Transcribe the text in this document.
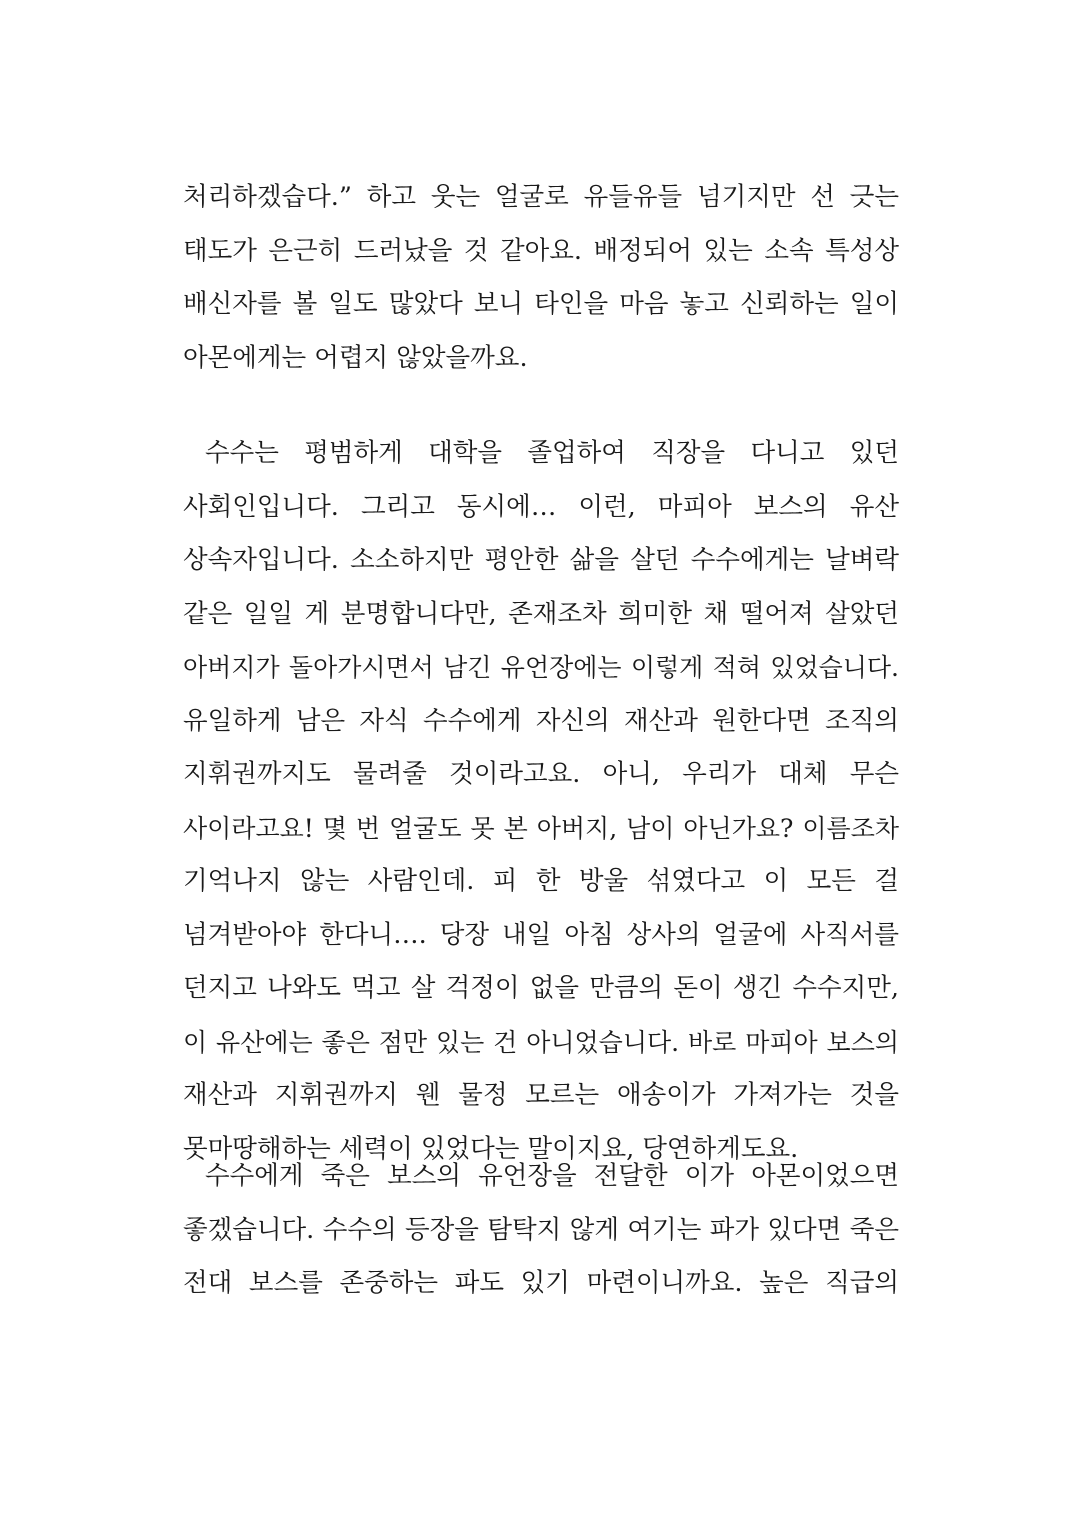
처리하겠습다.” 하고 웃는 얼굴로 유들유들 넘기지만 선 긋는
태도가 은근히 드러났을 것 같아요. 배정되어 있는 소속 특성상
배신자를 볼 일도 많았다 보니 타인을 마음 놓고 신뢰하는 일이
아몬에게는 어렵지 않았을까요.
수수는 평범하게 대학을 졸업하여 직장을 다니고 있던
사회인입니다. 그리고 동시에… 이런, 마피아 보스의 유산
상속자입니다. 소소하지만 평안한 삶을 살던 수수에게는 날벼락
같은 일일 게 분명합니다만, 존재조차 희미한 채 떨어져 살았던
아버지가 돌아가시면서 남긴 유언장에는 이렇게 적혀 있었습니다.
유일하게 남은 자식 수수에게 자신의 재산과 원한다면 조직의
지휘권까지도 물려줄 것이라고요. 아니, 우리가 대체 무슨
사이라고요! 몇 번 얼굴도 못 본 아버지, 남이 아닌가요? 이름조차
기억나지 않는 사람인데. 피 한 방울 섞였다고 이 모든 걸
넘겨받아야 한다니…. 당장 내일 아침 상사의 얼굴에 사직서를
던지고 나와도 먹고 살 걱정이 없을 만큼의 돈이 생긴 수수지만,
이 유산에는 좋은 점만 있는 건 아니었습니다. 바로 마피아 보스의
재산과 지휘권까지 웬 물정 모르는 애송이가 가져가는 것을
못마땅해하는 세력이 있었다는 말이지요, 당연하게도요.
수수에게 죽은 보스의 유언장을 전달한 이가 아몬이었으면
좋겠습니다. 수수의 등장을 탐탁지 않게 여기는 파가 있다면 죽은
전대 보스를 존중하는 파도 있기 마련이니까요. 높은 직급의
